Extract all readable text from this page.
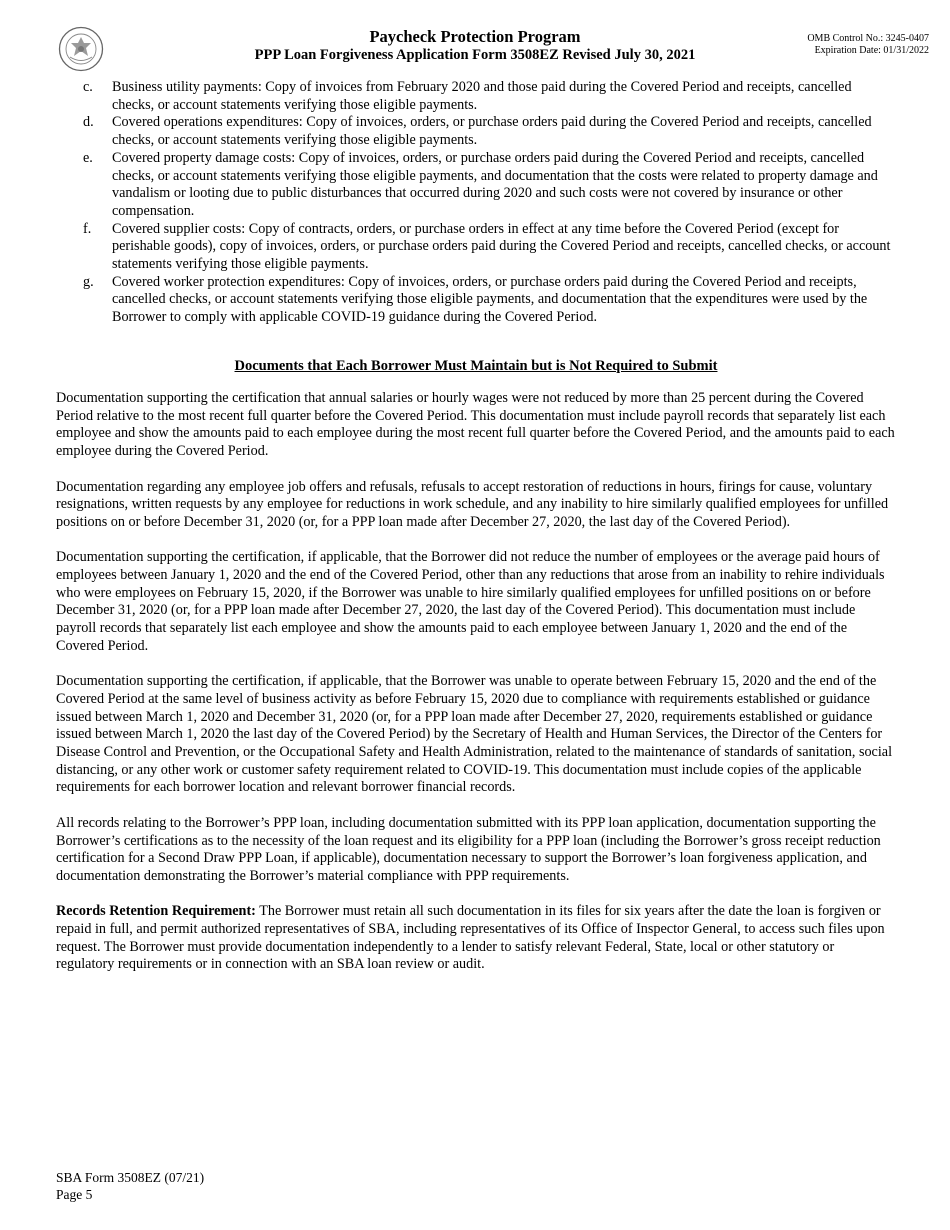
Paycheck Protection Program
PPP Loan Forgiveness Application Form 3508EZ Revised July 30, 2021
OMB Control No.: 3245-0407
Expiration Date: 01/31/2022
c.	Business utility payments: Copy of invoices from February 2020 and those paid during the Covered Period and receipts, cancelled checks, or account statements verifying those eligible payments.
d.	Covered operations expenditures: Copy of invoices, orders, or purchase orders paid during the Covered Period and receipts, cancelled checks, or account statements verifying those eligible payments.
e.	Covered property damage costs: Copy of invoices, orders, or purchase orders paid during the Covered Period and receipts, cancelled checks, or account statements verifying those eligible payments, and documentation that the costs were related to property damage and vandalism or looting due to public disturbances that occurred during 2020 and such costs were not covered by insurance or other compensation.
f.	Covered supplier costs: Copy of contracts, orders, or purchase orders in effect at any time before the Covered Period (except for perishable goods), copy of invoices, orders, or purchase orders paid during the Covered Period and receipts, cancelled checks, or account statements verifying those eligible payments.
g.	Covered worker protection expenditures: Copy of invoices, orders, or purchase orders paid during the Covered Period and receipts, cancelled checks, or account statements verifying those eligible payments, and documentation that the expenditures were used by the Borrower to comply with applicable COVID-19 guidance during the Covered Period.
Documents that Each Borrower Must Maintain but is Not Required to Submit

Documentation supporting the certification that annual salaries or hourly wages were not reduced by more than 25 percent during the Covered Period relative to the most recent full quarter before the Covered Period. This documentation must include payroll records that separately list each employee and show the amounts paid to each employee during the most recent full quarter before the Covered Period, and the amounts paid to each employee during the Covered Period.

Documentation regarding any employee job offers and refusals, refusals to accept restoration of reductions in hours, firings for cause, voluntary resignations, written requests by any employee for reductions in work schedule, and any inability to hire similarly qualified employees for unfilled positions on or before December 31, 2020 (or, for a PPP loan made after December 27, 2020, the last day of the Covered Period).

Documentation supporting the certification, if applicable, that the Borrower did not reduce the number of employees or the average paid hours of employees between January 1, 2020 and the end of the Covered Period, other than any reductions that arose from an inability to rehire individuals who were employees on February 15, 2020, if the Borrower was unable to hire similarly qualified employees for unfilled positions on or before December 31, 2020 (or, for a PPP loan made after December 27, 2020, the last day of the Covered Period). This documentation must include payroll records that separately list each employee and show the amounts paid to each employee between January 1, 2020 and the end of the Covered Period.

Documentation supporting the certification, if applicable, that the Borrower was unable to operate between February 15, 2020 and the end of the Covered Period at the same level of business activity as before February 15, 2020 due to compliance with requirements established or guidance issued between March 1, 2020 and December 31, 2020 (or, for a PPP loan made after December 27, 2020, requirements established or guidance issued between March 1, 2020 the last day of the Covered Period) by the Secretary of Health and Human Services, the Director of the Centers for Disease Control and Prevention, or the Occupational Safety and Health Administration, related to the maintenance of standards of sanitation, social distancing, or any other work or customer safety requirement related to COVID-19. This documentation must include copies of the applicable requirements for each borrower location and relevant borrower financial records.

All records relating to the Borrower’s PPP loan, including documentation submitted with its PPP loan application, documentation supporting the Borrower’s certifications as to the necessity of the loan request and its eligibility for a PPP loan (including the Borrower’s gross receipt reduction certification for a Second Draw PPP Loan, if applicable), documentation necessary to support the Borrower’s loan forgiveness application, and documentation demonstrating the Borrower’s material compliance with PPP requirements.

Records Retention Requirement: The Borrower must retain all such documentation in its files for six years after the date the loan is forgiven or repaid in full, and permit authorized representatives of SBA, including representatives of its Office of Inspector General, to access such files upon request. The Borrower must provide documentation independently to a lender to satisfy relevant Federal, State, local or other statutory or regulatory requirements or in connection with an SBA loan review or audit.

SBA Form 3508EZ (07/21)
Page 5
